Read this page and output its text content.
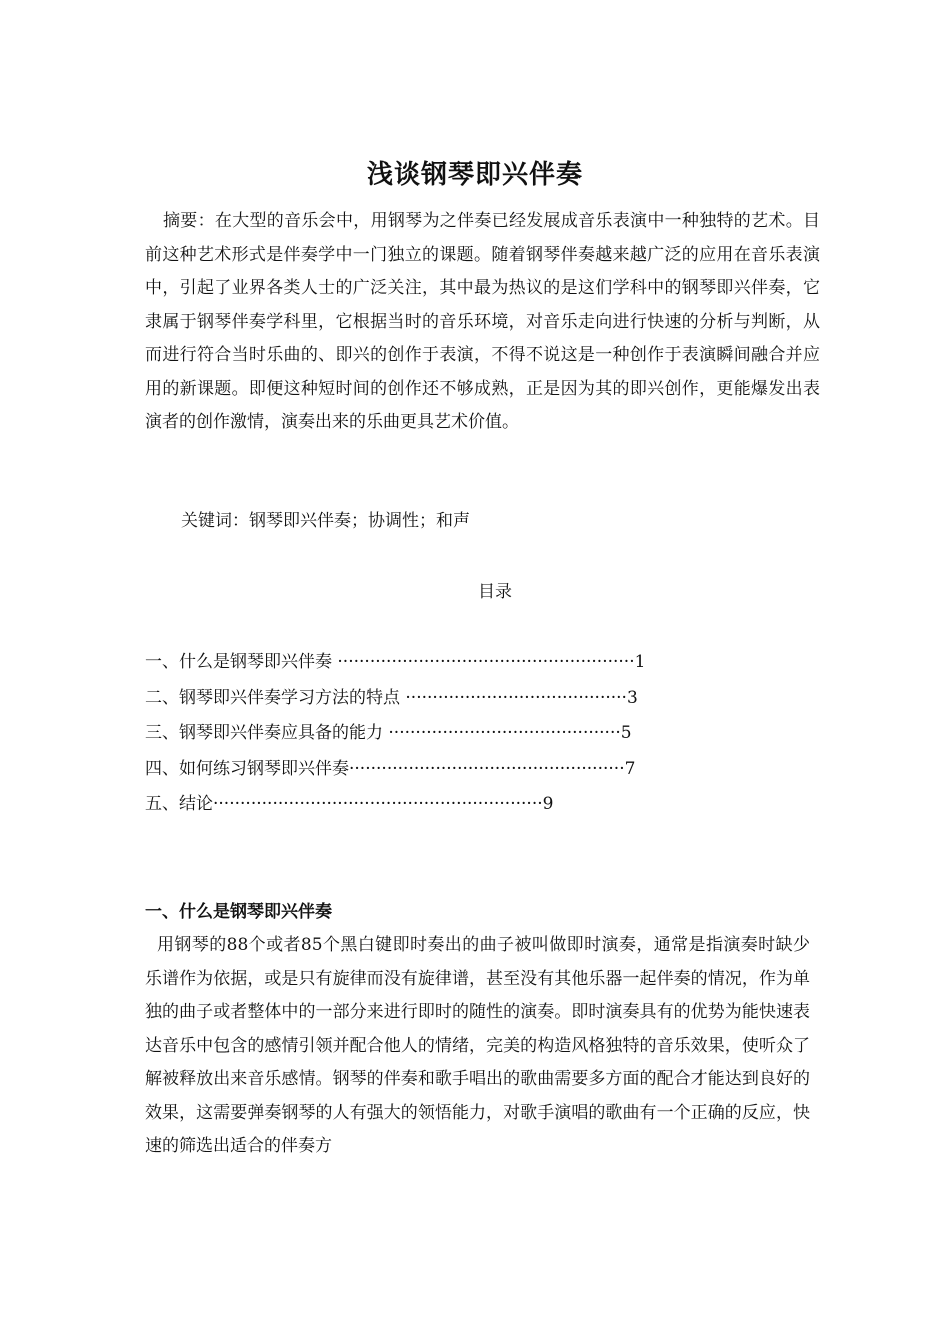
浅谈钢琴即兴伴奏
摘要：在大型的音乐会中，用钢琴为之伴奏已经发展成音乐表演中一种独特的艺术。目前这种艺术形式是伴奏学中一门独立的课题。随着钢琴伴奏越来越广泛的应用在音乐表演中，引起了业界各类人士的广泛关注，其中最为热议的是这们学科中的钢琴即兴伴奏，它隶属于钢琴伴奏学科里，它根据当时的音乐环境，对音乐走向进行快速的分析与判断，从而进行符合当时乐曲的、即兴的创作于表演，不得不说这是一种创作于表演瞬间融合并应用的新课题。即便这种短时间的创作还不够成熟，正是因为其的即兴创作，更能爆发出表演者的创作激情，演奏出来的乐曲更具艺术价值。
关键词：钢琴即兴伴奏；协调性；和声
目录
一、什么是钢琴即兴伴奏 ·······················································1
二、钢琴即兴伴奏学习方法的特点 ·········································3
三、钢琴即兴伴奏应具备的能力 ···········································5
四、如何练习钢琴即兴伴奏···················································7
五、结论·····························································9
一、什么是钢琴即兴伴奏
用钢琴的88个或者85个黑白键即时奏出的曲子被叫做即时演奏，通常是指演奏时缺少乐谱作为依据，或是只有旋律而没有旋律谱，甚至没有其他乐器一起伴奏的情况，作为单独的曲子或者整体中的一部分来进行即时的随性的演奏。即时演奏具有的优势为能快速表达音乐中包含的感情引领并配合他人的情绪，完美的构造风格独特的音乐效果，使听众了解被释放出来音乐感情。钢琴的伴奏和歌手唱出的歌曲需要多方面的配合才能达到良好的效果，这需要弹奏钢琴的人有强大的领悟能力，对歌手演唱的歌曲有一个正确的反应，快速的筛选出适合的伴奏方
